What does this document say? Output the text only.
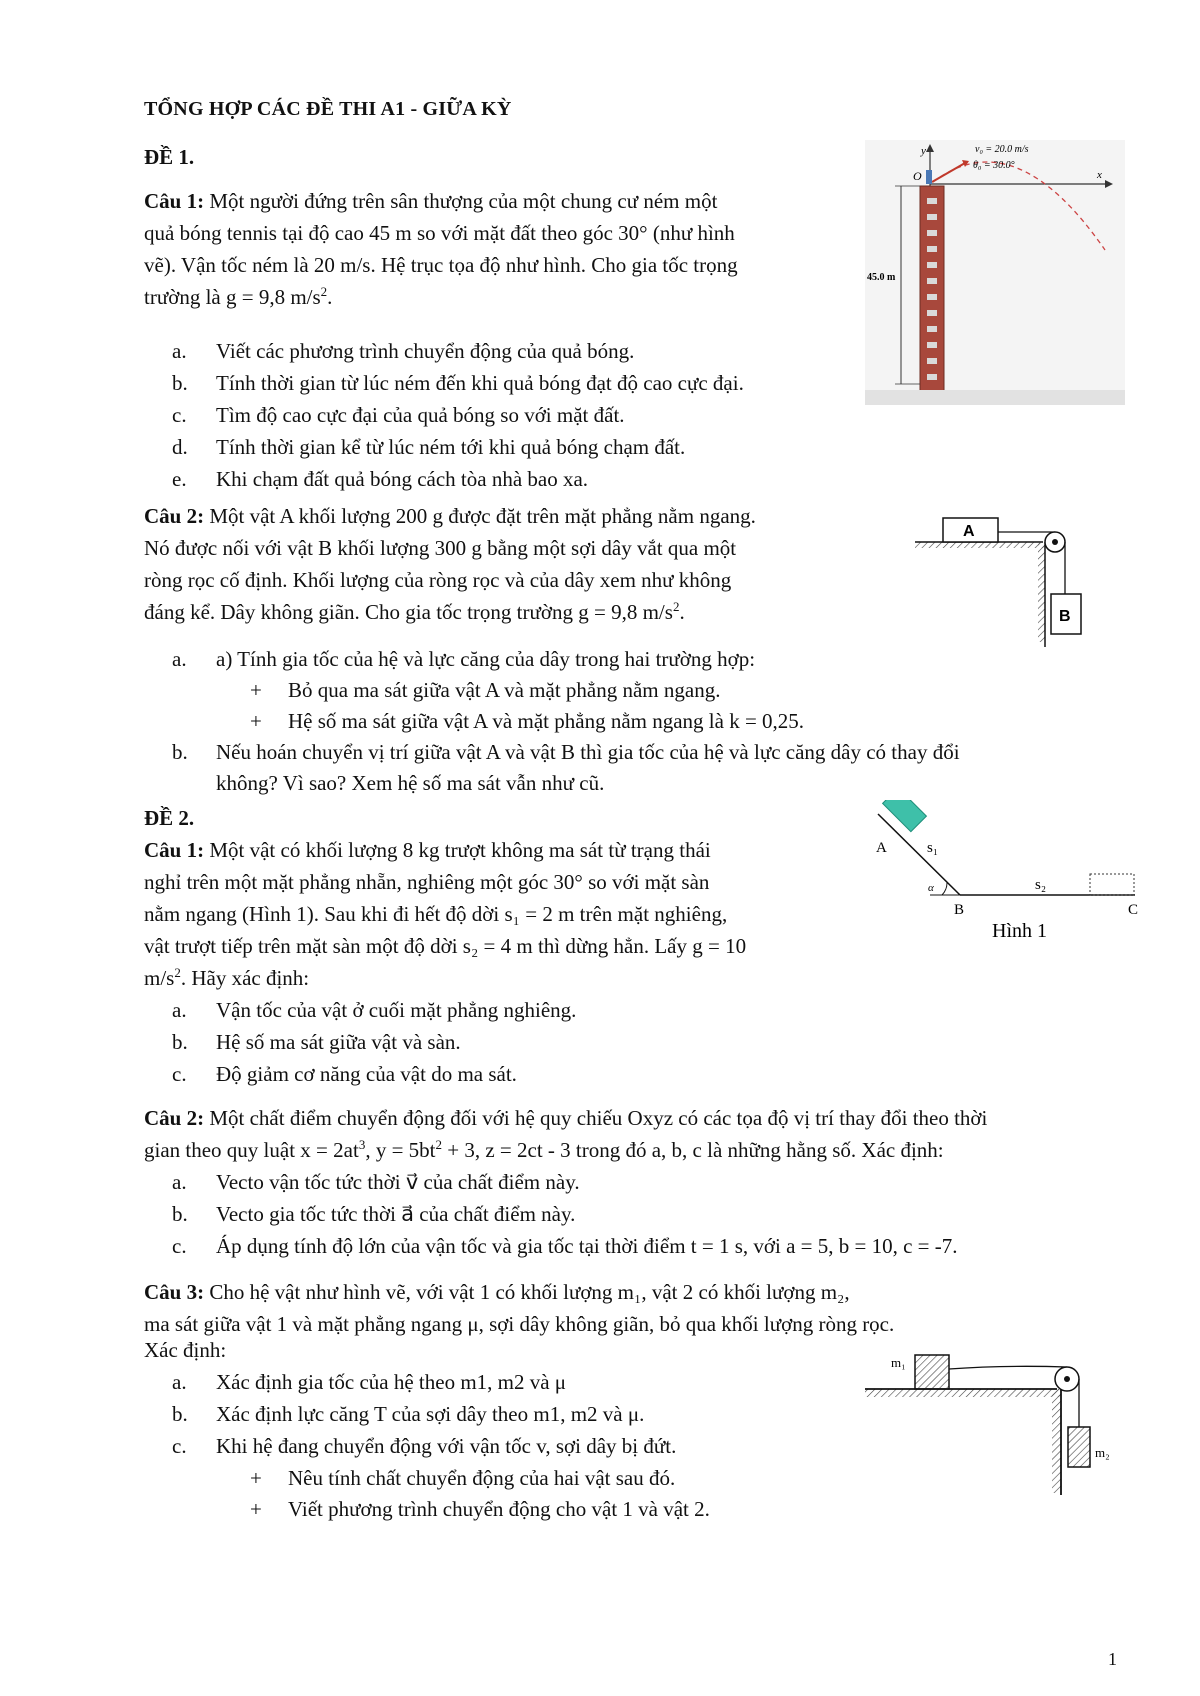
TỔNG HỢP CÁC ĐỀ THI A1 - GIỮA KỲ
ĐỀ 1.
Câu 1: Một người đứng trên sân thượng của một chung cư ném một
quả bóng tennis tại độ cao 45 m so với mặt đất theo góc 30° (như hình
vẽ). Vận tốc ném là 20 m/s. Hệ trục tọa độ như hình. Cho gia tốc trọng
trường là g = 9,8 $m/s^2$.
a. Viết các phương trình chuyển động của quả bóng.
b. Tính thời gian từ lúc ném đến khi quả bóng đạt độ cao cực đại.
c. Tìm độ cao cực đại của quả bóng so với mặt đất.
d. Tính thời gian kể từ lúc ném tới khi quả bóng chạm đất.
e. Khi chạm đất quả bóng cách tòa nhà bao xa.
y
x
O
v₀ = 20.0 m/s
θ₀ = 30.0°
45.0 m
Câu 2: Một vật A khối lượng 200 g được đặt trên mặt phẳng nằm ngang.
Nó được nối với vật B khối lượng 300 g bằng một sợi dây vắt qua một
ròng rọc cố định. Khối lượng của ròng rọc và của dây xem như không
đáng kể. Dây không giãn. Cho gia tốc trọng trường g = 9,8 $m/s^2$.
a. a) Tính gia tốc của hệ và lực căng của dây trong hai trường hợp:
+ Bỏ qua ma sát giữa vật A và mặt phẳng nằm ngang.
+ Hệ số ma sát giữa vật A và mặt phẳng nằm ngang là k = 0,25.
b. Nếu hoán chuyển vị trí giữa vật A và vật B thì gia tốc của hệ và lực căng dây có thay đổi
không? Vì sao? Xem hệ số ma sát vẫn như cũ.
A
B
ĐỀ 2.
Câu 1: Một vật có khối lượng 8 kg trượt không ma sát từ trạng thái
nghỉ trên một mặt phẳng nhẵn, nghiêng một góc 30° so với mặt sàn
nằm ngang (Hình 1). Sau khi đi hết độ dời s₁ = 2 m trên mặt nghiêng,
vật trượt tiếp trên mặt sàn một độ dời s₂ = 4 m thì dừng hẳn. Lấy g = 10
$m/s^2$. Hãy xác định:
a. Vận tốc của vật ở cuối mặt phẳng nghiêng.
b. Hệ số ma sát giữa vật và sàn.
c. Độ giảm cơ năng của vật do ma sát.
α
A	s₁
B
s₂
C
Hình 1
Câu 2: Một chất điểm chuyển động đối với hệ quy chiếu Oxyz có các tọa độ vị trí thay đổi theo thời
gian theo quy luật $x = 2at^3$, $y = 5bt^2 + 3$, z = 2ct - 3 trong đó a, b, c là những hằng số. Xác định:
a. Vecto vận tốc tức thời v⃗ của chất điểm này.
b. Vecto gia tốc tức thời a⃗ của chất điểm này.
c. Áp dụng tính độ lớn của vận tốc và gia tốc tại thời điểm t = 1 s, với a = 5, b = 10, c = -7.
Câu 3: Cho hệ vật như hình vẽ, với vật 1 có khối lượng m₁, vật 2 có khối lượng m₂,
ma sát giữa vật 1 và mặt phẳng ngang μ, sợi dây không giãn, bỏ qua khối lượng ròng rọc.
Xác định:
a. Xác định gia tốc của hệ theo m1, m2 và μ
b. Xác định lực căng T của sợi dây theo m1, m2 và μ.
c. Khi hệ đang chuyển động với vận tốc v, sợi dây bị đứt.
+ Nêu tính chất chuyển động của hai vật sau đó.
+ Viết phương trình chuyển động cho vật 1 và vật 2.
m₁
m₂
1
